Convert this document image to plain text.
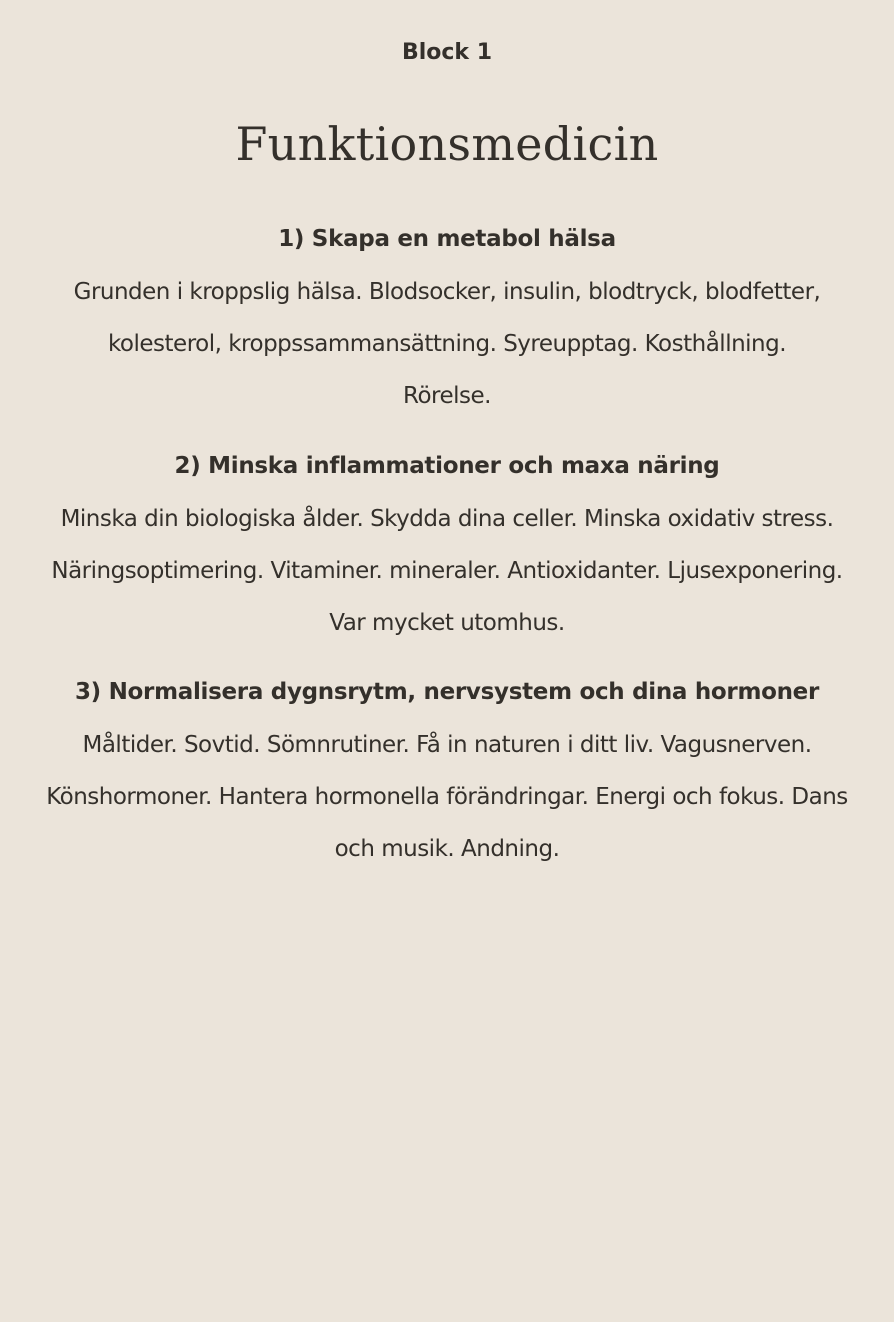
Block 1
Funktionsmedicin

1) Skapa en metabol hälsa

Grunden i kroppslig hälsa. Blodsocker, insulin, blodtryck, blodfetter, kolesterol, kroppssammansättning. Syreupptag. Kosthållning. Rörelse.

2) Minska inflammationer och maxa näring

Minska din biologiska ålder. Skydda dina celler. Minska oxidativ stress. Näringsoptimering. Vitaminer. mineraler. Antioxidanter. Ljusexponering. Var mycket utomhus.

3) Normalisera dygnsrytm, nervsystem och dina hormoner

Måltider. Sovtid. Sömnrutiner. Få in naturen i ditt liv. Vagusnerven. Könshormoner. Hantera hormonella förändringar. Energi och fokus. Dans och musik. Andning.
